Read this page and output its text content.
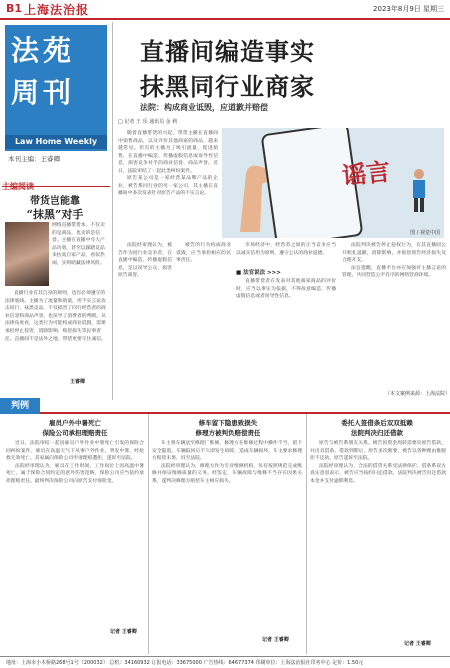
B1 上海法治报	2023年8月9日 星期三
法苑
周刊
Law Home Weekly
本刊主编：王睿卿
主编阅读
带货岂能靠
“抹黑”对手
网络直播带货本，不仅卖的是商品，也卖的是信誉。主播在直播中夸大产品功效，甚至以踩踏竞品来抬高自家产品，看似热闹，实则暗藏法律风险。
直播行业有其自身的规则，也有必须遵守的法律底线。主播为了流量和销量，用不实言论攻击同行、抹黑竞品，不仅损害了同行经营者的商业信誉和商品声誉，也误导了消费者的判断。从法律角度看，这类行为可能构成商业诋毁，需要承担停止侵害、消除影响、赔偿损失等民事责任。直播间不是法外之地，带货更要守住诚信。
王睿卿
直播间编造事实
抹黑同行业商家
法院：构成商业诋毁，应道歉并赔偿
□ 记者 王 乐 通讯员 金 莉

随着直播带货的兴起，带货主播在直播间中销售商品，以及评价其他商家的商品，越来越常见。但有的主播为了吸引流量、促进销售，在直播中编造、传播虚假信息或误导性信息，损害竞争对手的商业信誉、商品声誉。近日，法院审结了一起此类纠纷案件。

原告某公司是一家经营某品牌产品的企业，被告系同行业的另一家公司，其主播在直播间中多次发表针对原告产品的不实言论。

谣言
图 / 视觉中国

法院经审理认为，被告作为同行业竞争者，在直播中编造、传播虚假信息，足以误导公众，损害原告商誉。

被告的行为构成商业诋毁，应当承担相应的民事责任。

市场经济中，经营者之间的正当竞争应当以诚实信用为原则，遵守公认的商业道德。

■ 法官说法 >>>

直播带货者在发表对其他商家商品的评价时，应当以事实为依据，不得故意编造、传播虚假信息或者误导性信息。

法院判决被告停止侵权行为，在其直播间公开赔礼道歉、消除影响，并赔偿原告经济损失及合理开支。

法官提醒，直播平台亦应加强对主播言论的管理，共同营造公平有序的网络营商环境。

（本文案例来源：上海法院）
判例
雇员户外中暑死亡
保险公司承担理赔责任
修车留下隐患致损失
修理方被判负赔偿责任
委托人签借条后双双抵赖
法院判决归还借款

近日，法院审结一起因雇员户外作业中暑死亡引发的保险合同纠纷案件。雇员在高温天气下从事户外作业，突发中暑，经抢救无效死亡。其家属向保险公司申请理赔遭拒，遂诉至法院。

法院经审理认为，雇员在工作时间、工作岗位上因高温中暑死亡，属于保险合同约定的意外伤害范畴，保险公司应当依约承担理赔责任。最终判决保险公司向原告支付保险金。

车主将车辆送至修理厂维修，修理方在维修过程中操作不当，留下安全隐患。车辆取回后不久即发生故障，造成车辆损坏。车主要求修理方赔偿未果，诉至法院。

法院经审理认为，修理方作为专业维修机构，负有按照规范完成维修并保证维修质量的义务。经鉴定，车辆故障与维修不当存在因果关系，遂判决修理方赔偿车主相应损失。

原告与被告系朋友关系。被告因资金周转需要向原告借款，并出具借条。借款到期后，原告多次催要，被告以各种理由推脱拒不还款。原告遂诉至法院。

法院经审理认为，合法的借贷关系受法律保护。借条系双方真实意思表示，被告应当按约归还借款。法院判决被告归还借款本金并支付逾期利息。

记者 王睿卿
记者 王睿卿
记者 王睿卿
地址：上海市小木桥路268号1号（200032） 总机：34160932 订报电话：33675000 广告热线：64677374 印刷单位：上海法治报社印务中心 定价：1.50元
